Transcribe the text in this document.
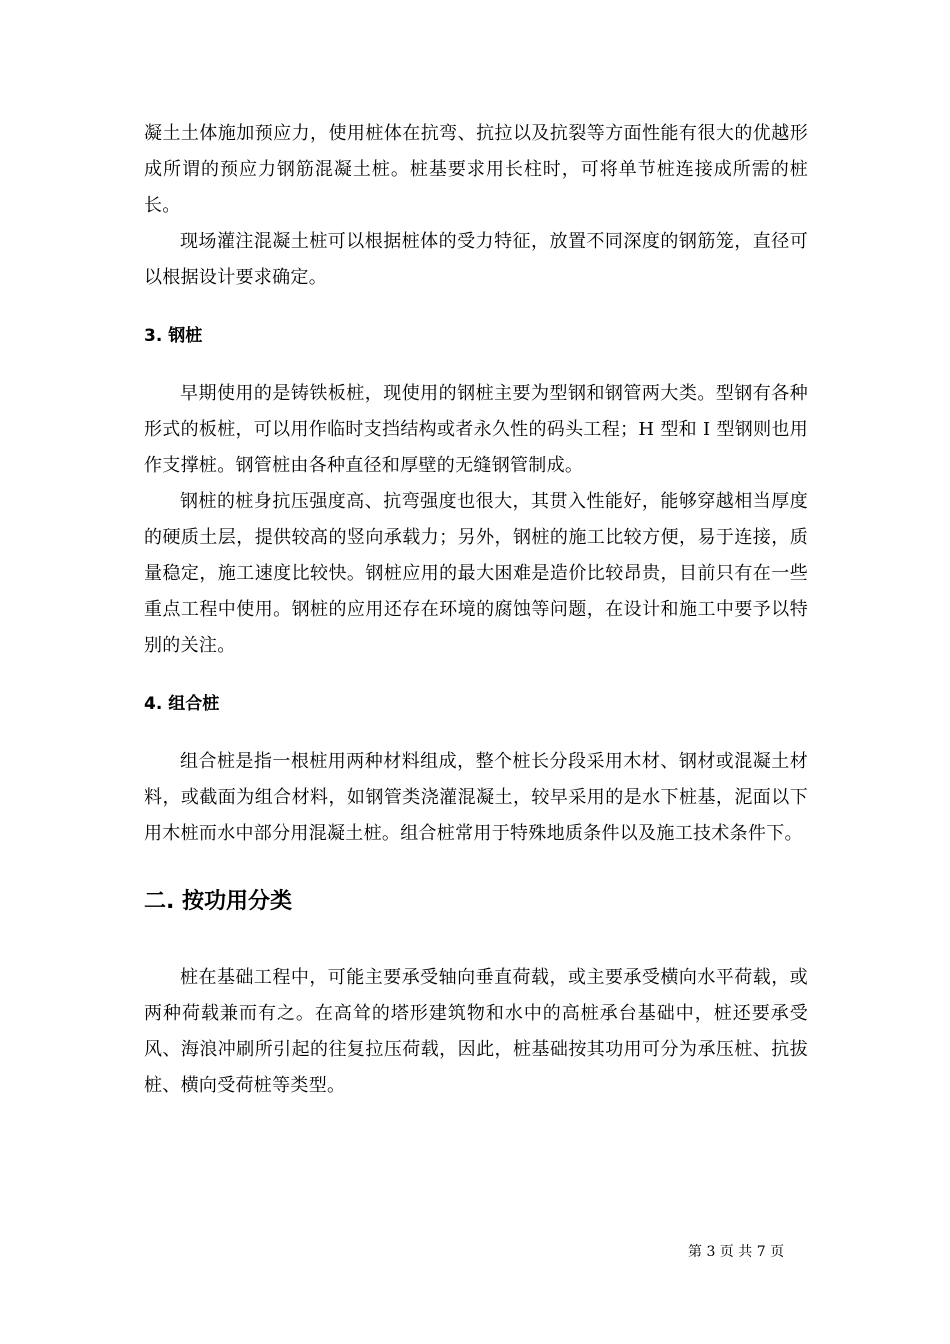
凝土土体施加预应力，使用桩体在抗弯、抗拉以及抗裂等方面性能有很大的优越形成所谓的预应力钢筋混凝土桩。桩基要求用长柱时，可将单节桩连接成所需的桩长。

现场灌注混凝土桩可以根据桩体的受力特征，放置不同深度的钢筋笼，直径可以根据设计要求确定。

3. 钢桩

早期使用的是铸铁板桩，现使用的钢桩主要为型钢和钢管两大类。型钢有各种形式的板桩，可以用作临时支挡结构或者永久性的码头工程；H 型和 I 型钢则也用作支撑桩。钢管桩由各种直径和厚壁的无缝钢管制成。

钢桩的桩身抗压强度高、抗弯强度也很大，其贯入性能好，能够穿越相当厚度的硬质土层，提供较高的竖向承载力；另外，钢桩的施工比较方便，易于连接，质量稳定，施工速度比较快。钢桩应用的最大困难是造价比较昂贵，目前只有在一些重点工程中使用。钢桩的应用还存在环境的腐蚀等问题，在设计和施工中要予以特别的关注。

4. 组合桩

组合桩是指一根桩用两种材料组成，整个桩长分段采用木材、钢材或混凝土材料，或截面为组合材料，如钢管类浇灌混凝土，较早采用的是水下桩基，泥面以下用木桩而水中部分用混凝土桩。组合桩常用于特殊地质条件以及施工技术条件下。

二. 按功用分类

桩在基础工程中，可能主要承受轴向垂直荷载，或主要承受横向水平荷载，或两种荷载兼而有之。在高耸的塔形建筑物和水中的高桩承台基础中，桩还要承受风、海浪冲刷所引起的往复拉压荷载，因此，桩基础按其功用可分为承压桩、抗拔桩、横向受荷桩等类型。

第 3 页 共 7 页
